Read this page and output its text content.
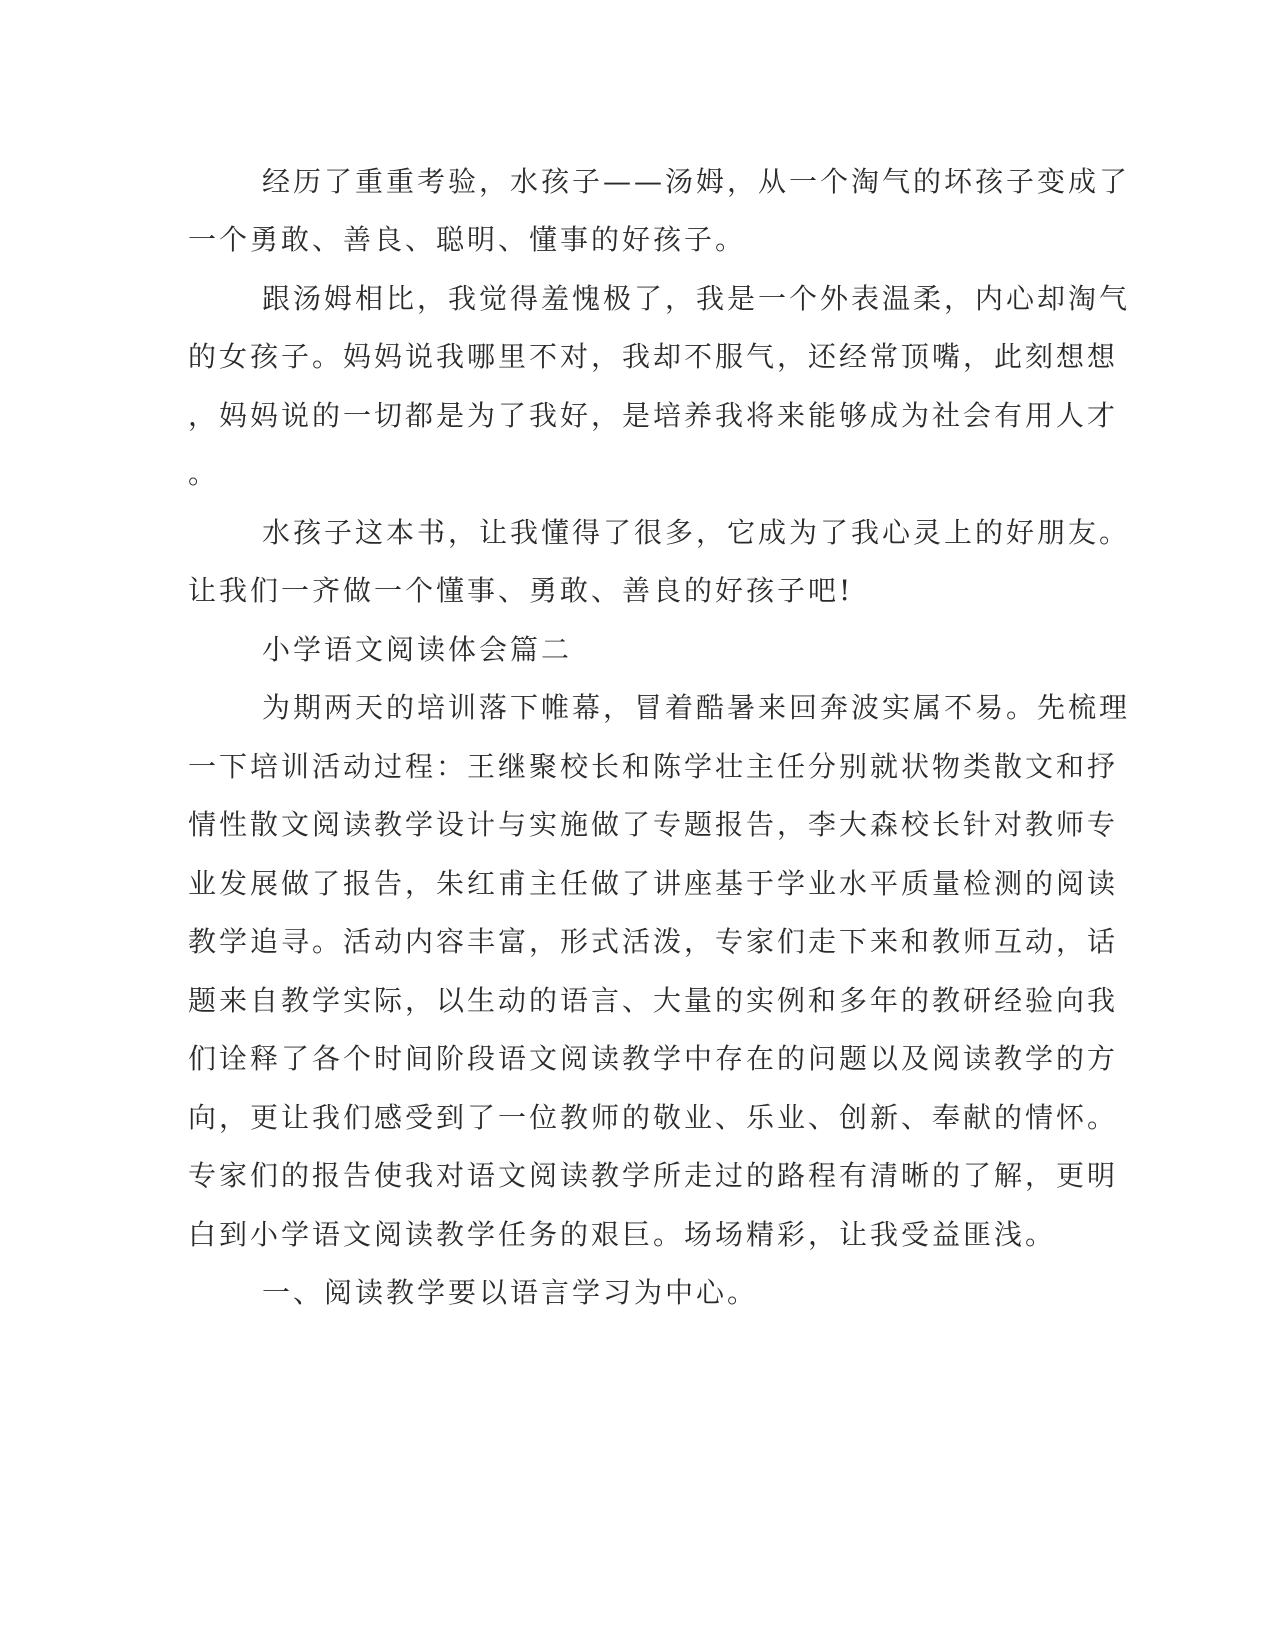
经历了重重考验，水孩子——汤姆，从一个淘气的坏孩子变成了
一个勇敢、善良、聪明、懂事的好孩子。
跟汤姆相比，我觉得羞愧极了，我是一个外表温柔，内心却淘气
的女孩子。妈妈说我哪里不对，我却不服气，还经常顶嘴，此刻想想
，妈妈说的一切都是为了我好，是培养我将来能够成为社会有用人才
。
水孩子这本书，让我懂得了很多，它成为了我心灵上的好朋友。
让我们一齐做一个懂事、勇敢、善良的好孩子吧!
小学语文阅读体会篇二
为期两天的培训落下帷幕，冒着酷暑来回奔波实属不易。先梳理
一下培训活动过程：王继聚校长和陈学壮主任分别就状物类散文和抒
情性散文阅读教学设计与实施做了专题报告，李大森校长针对教师专
业发展做了报告，朱红甫主任做了讲座基于学业水平质量检测的阅读
教学追寻。活动内容丰富，形式活泼，专家们走下来和教师互动，话
题来自教学实际，以生动的语言、大量的实例和多年的教研经验向我
们诠释了各个时间阶段语文阅读教学中存在的问题以及阅读教学的方
向，更让我们感受到了一位教师的敬业、乐业、创新、奉献的情怀。
专家们的报告使我对语文阅读教学所走过的路程有清晰的了解，更明
白到小学语文阅读教学任务的艰巨。场场精彩，让我受益匪浅。
一、阅读教学要以语言学习为中心。
